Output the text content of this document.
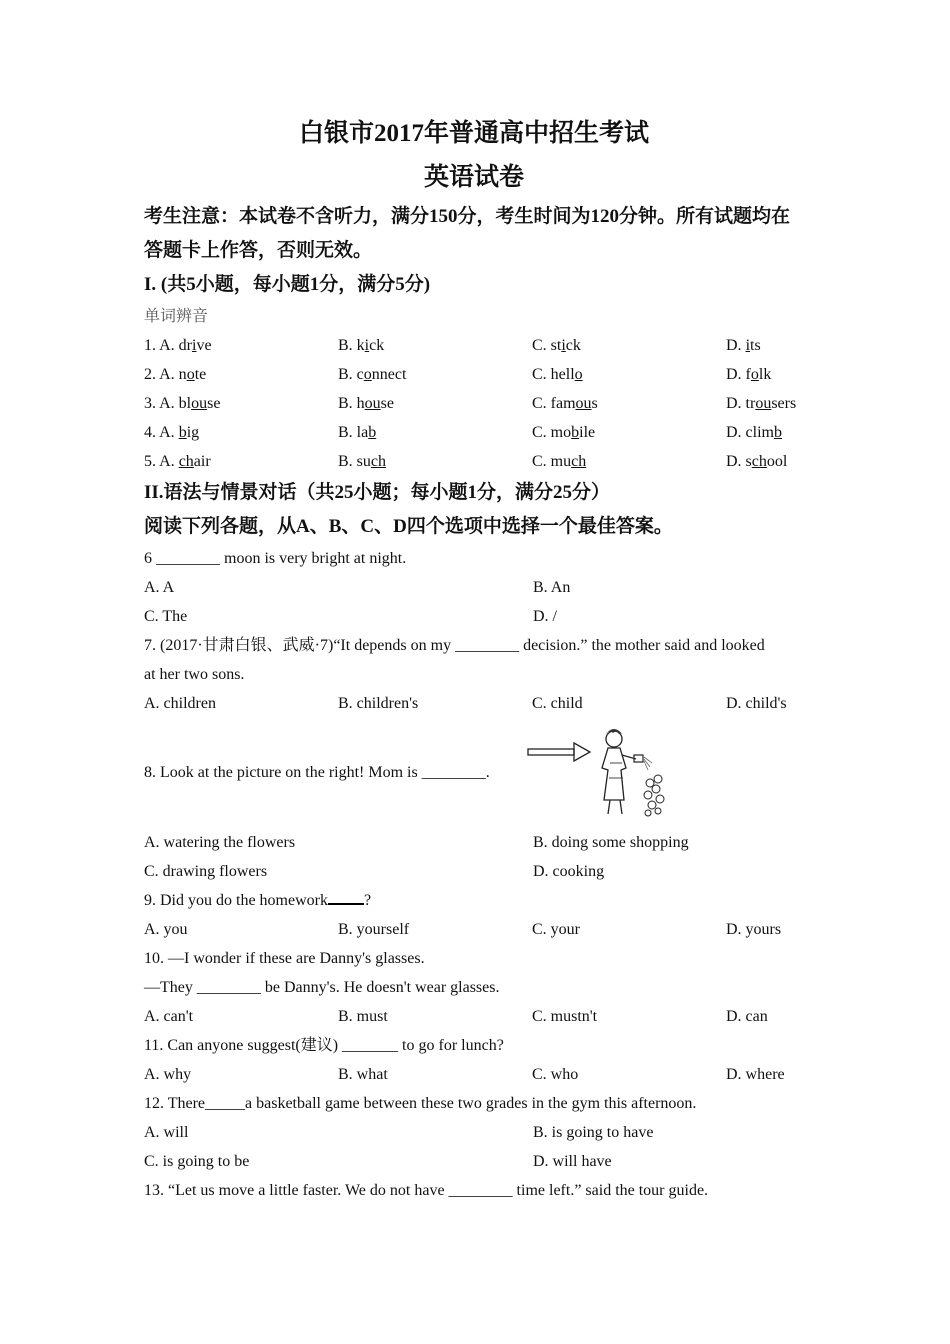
白银市2017年普通高中招生考试
英语试卷
考生注意：本试卷不含听力，满分150分，考生时间为120分钟。所有试题均在答题卡上作答，否则无效。
I. (共5小题，每小题1分，满分5分)
单词辨音
1. A. drive	B. kick	C. stick	D. its
2. A. note	B. connect	C. hello	D. folk
3. A. blouse	B. house	C. famous	D. trousers
4. A. big	B. lab	C. mobile	D. climb
5. A. chair	B. such	C. much	D. school
II.语法与情景对话（共25小题；每小题1分，满分25分）
阅读下列各题，从A、B、C、D四个选项中选择一个最佳答案。
6 ________ moon is very bright at night.
A. A	B. An
C. The	D. /
7. (2017·甘肃白银、武威·7)“It depends on my ________ decision.” the mother said and looked
at her two sons.
A. children	B. children's	C. child	D. child's
8. Look at the picture on the right! Mom is ________.
A. watering the flowers	B. doing some shopping
C. drawing flowers	D. cooking
9. Did you do the homework ?
A. you	B. yourself	C. your	D. yours
10. —I wonder if these are Danny's glasses.
—They ________ be Danny's. He doesn't wear glasses.
A. can't	B. must	C. mustn't	D. can
11. Can anyone suggest(建议) _______ to go for lunch?
A. why	B. what	C. who	D. where
12. There_____a basketball game between these two grades in the gym this afternoon.
A. will	B. is going to have
C. is going to be	D. will have
13. “Let us move a little faster. We do not have ________ time left.” said the tour guide.
